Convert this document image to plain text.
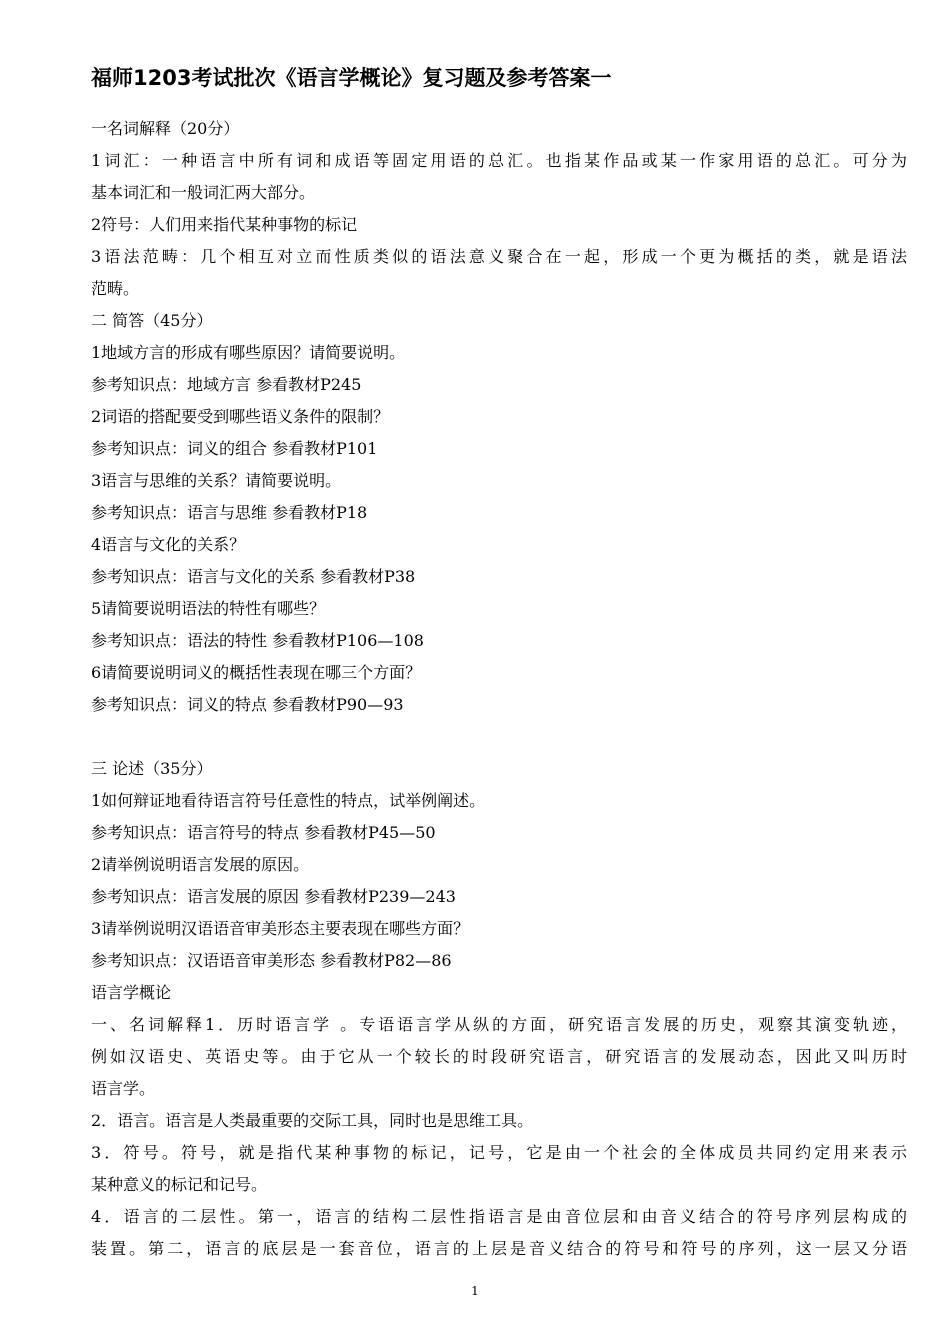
福师1203考试批次《语言学概论》复习题及参考答案一
一名词解释（20分）
1词汇：一种语言中所有词和成语等固定用语的总汇。也指某作品或某一作家用语的总汇。可分为
基本词汇和一般词汇两大部分。
2符号：人们用来指代某种事物的标记
3语法范畴：几个相互对立而性质类似的语法意义聚合在一起，形成一个更为概括的类，就是语法
范畴。
二 简答（45分）
1地域方言的形成有哪些原因？请简要说明。
参考知识点：地域方言 参看教材P245
2词语的搭配要受到哪些语义条件的限制？
参考知识点：词义的组合 参看教材P101
3语言与思维的关系？请简要说明。
参考知识点：语言与思维 参看教材P18
4语言与文化的关系？
参考知识点：语言与文化的关系 参看教材P38
5请简要说明语法的特性有哪些？
参考知识点：语法的特性 参看教材P106—108
6请简要说明词义的概括性表现在哪三个方面？
参考知识点：词义的特点 参看教材P90—93
三 论述（35分）
1如何辩证地看待语言符号任意性的特点，试举例阐述。
参考知识点：语言符号的特点 参看教材P45—50
2请举例说明语言发展的原因。
参考知识点：语言发展的原因 参看教材P239—243
3请举例说明汉语语音审美形态主要表现在哪些方面？
参考知识点：汉语语音审美形态 参看教材P82—86
语言学概论
一、名词解释1．历时语言学 。专语语言学从纵的方面，研究语言发展的历史，观察其演变轨迹，
例如汉语史、英语史等。由于它从一个较长的时段研究语言，研究语言的发展动态，因此又叫历时
语言学。
2．语言。语言是人类最重要的交际工具，同时也是思维工具。
3．符号。符号，就是指代某种事物的标记，记号，它是由一个社会的全体成员共同约定用来表示
某种意义的标记和记号。
4．语言的二层性。第一，语言的结构二层性指语言是由音位层和由音义结合的符号序列层构成的
装置。第二，语言的底层是一套音位，语言的上层是音义结合的符号和符号的序列，这一层又分语
1
